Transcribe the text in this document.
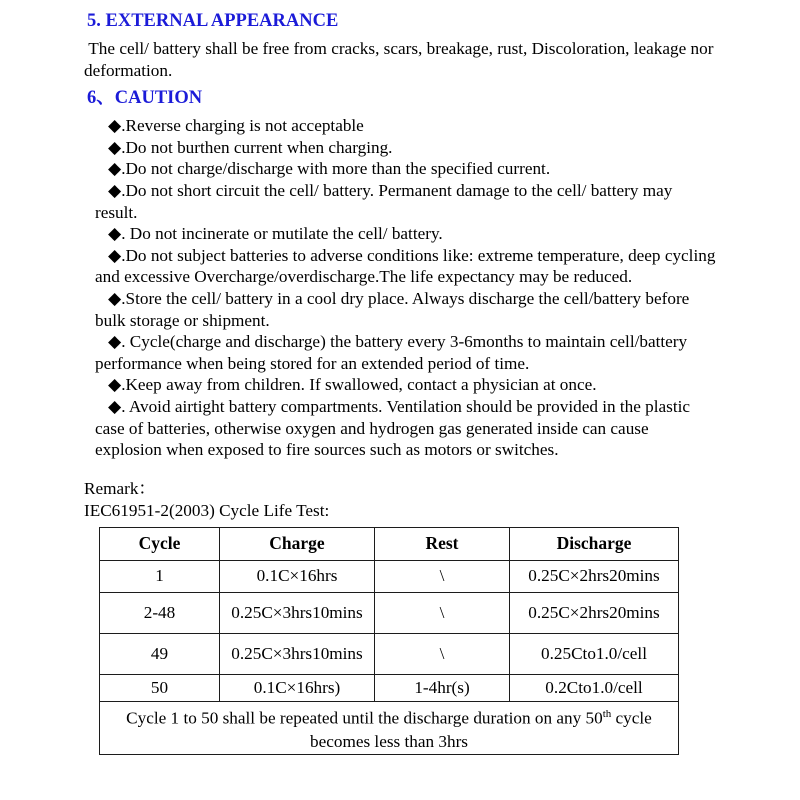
5. EXTERNAL APPEARANCE

The cell/ battery shall be free from cracks, scars, breakage, rust, Discoloration, leakage nor deformation.

6、CAUTION
◆.Reverse charging is not acceptable
◆.Do not burthen current when charging.
◆.Do not charge/discharge with more than the specified current.
◆.Do not short circuit the cell/ battery. Permanent damage to the cell/ battery may result.
◆. Do not incinerate or mutilate the cell/ battery.
◆.Do not subject batteries to adverse conditions like: extreme temperature, deep cycling and excessive Overcharge/overdischarge.The life expectancy may be reduced.
◆.Store the cell/ battery in a cool dry place. Always discharge the cell/battery before bulk storage or shipment.
◆. Cycle(charge and discharge) the battery every 3-6months to maintain cell/battery performance when being stored for an extended period of time.
◆.Keep away from children. If swallowed, contact a physician at once.
◆. Avoid airtight battery compartments. Ventilation should be provided in the plastic case of batteries, otherwise oxygen and hydrogen gas generated inside can cause explosion when exposed to fire sources such as motors or switches.

Remark：

IEC61951-2(2003) Cycle Life Test:

Cycle	Charge	Rest	Discharge
1	0.1C×16hrs	\	0.25C×2hrs20mins
2-48	0.25C×3hrs10mins	\	0.25C×2hrs20mins
49	0.25C×3hrs10mins	\	0.25Cto1.0/cell
50	0.1C×16hrs)	1-4hr(s)	0.2Cto1.0/cell
Cycle 1 to 50 shall be repeated until the discharge duration on any 50th cycle becomes less than 3hrs			
